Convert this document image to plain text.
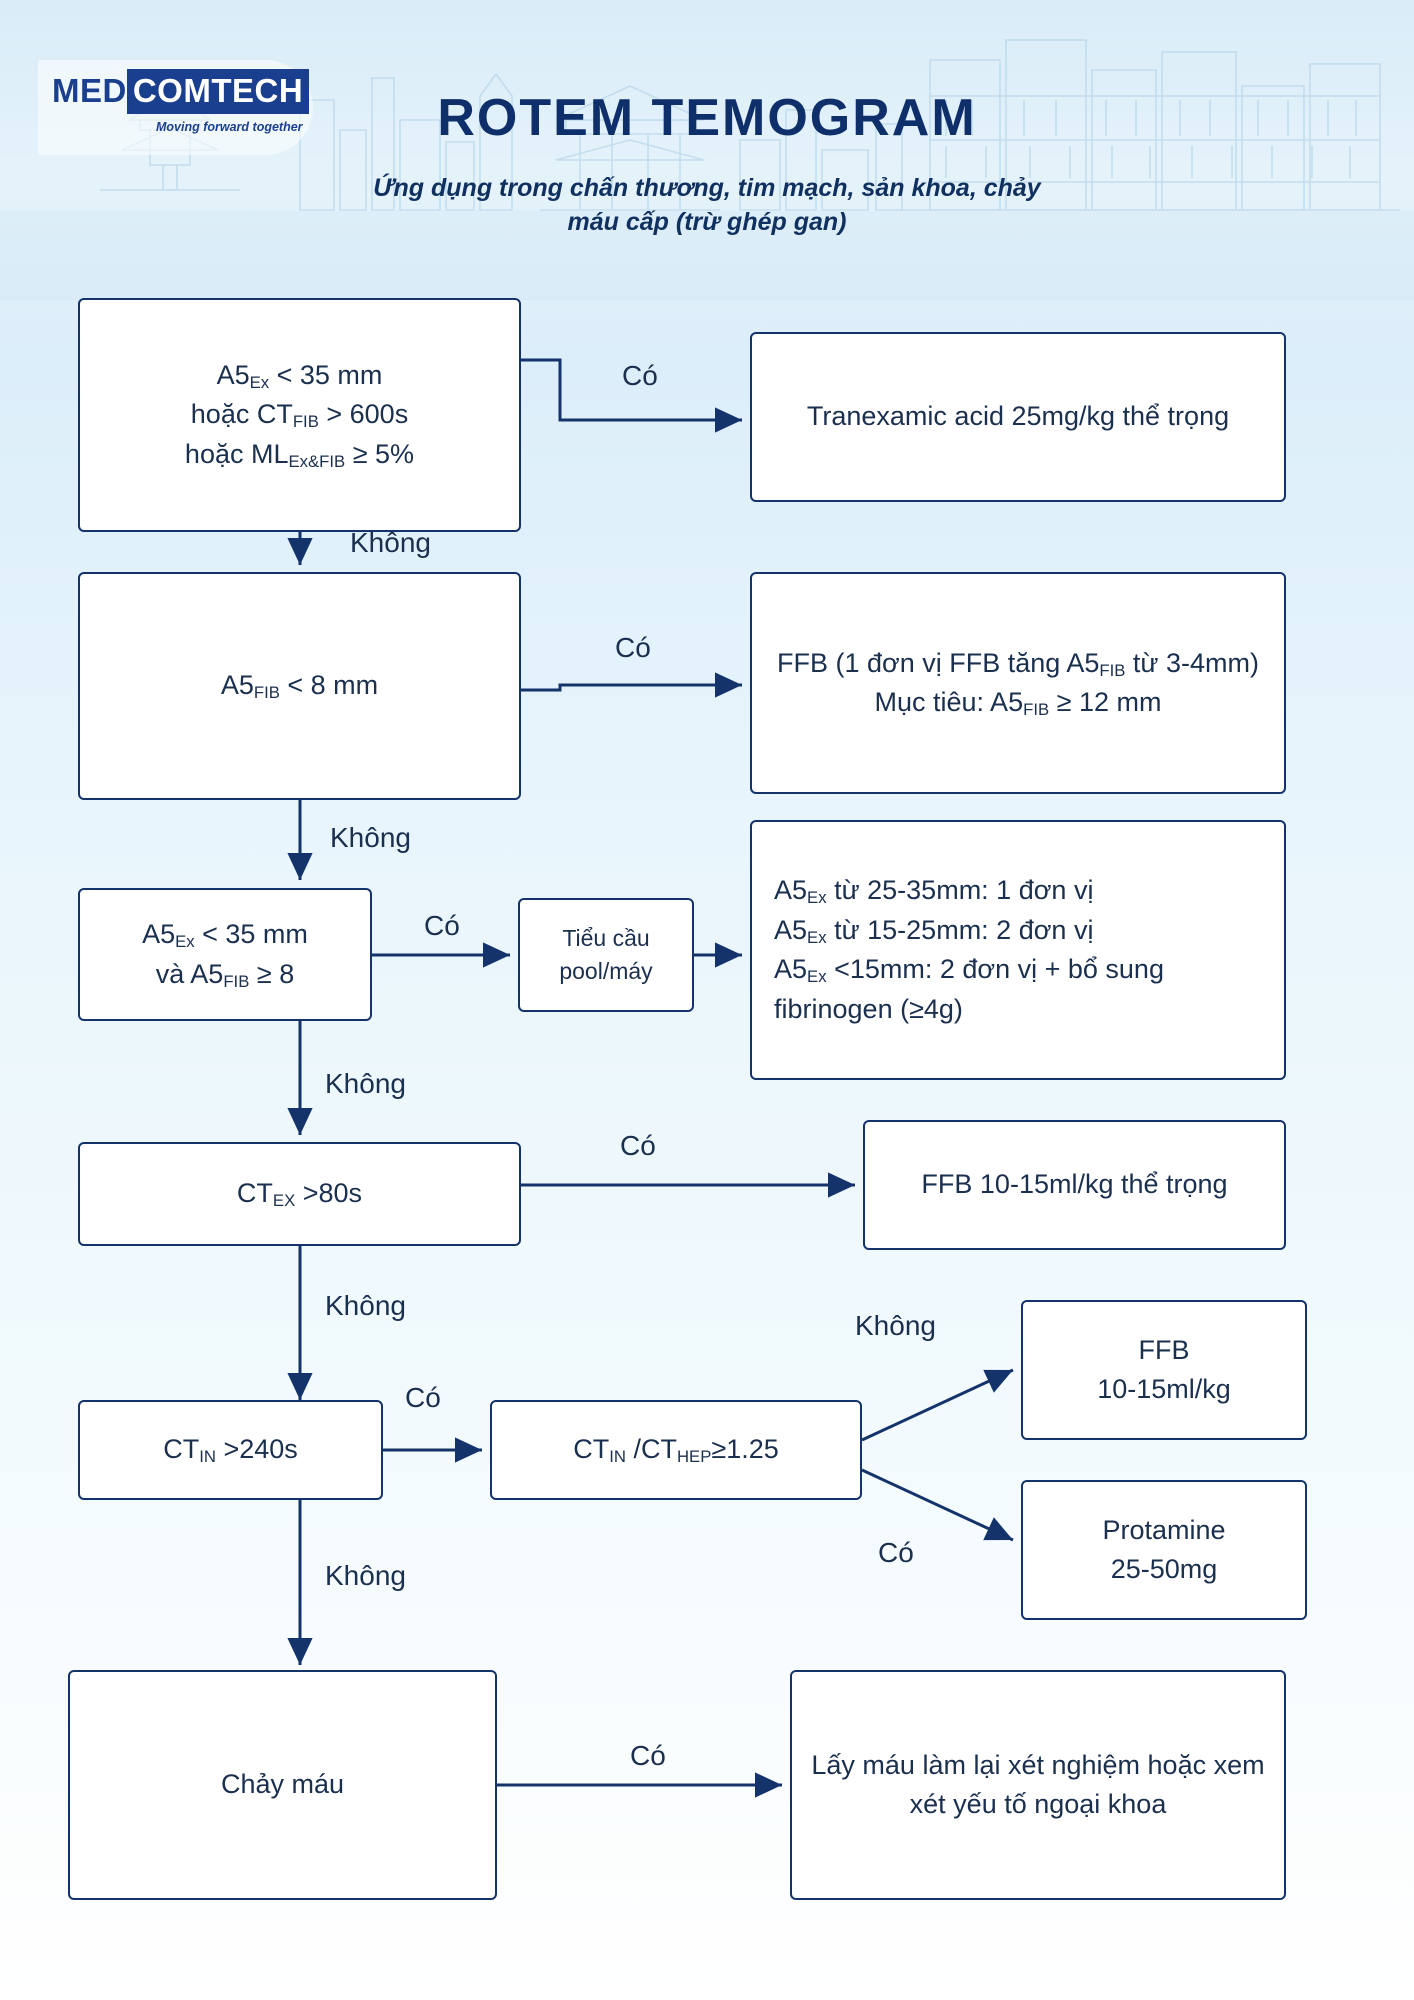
MED COMTECH
Moving forward together	ROTEM TEMOGRAM
Ứng dụng trong chấn thương, tim mạch, sản khoa, chảy máu cấp (trừ ghép gan)
$A5_{Ex} < 35$ mm
hoặc $CT_{FIB} > 600s$
hoặc $ML_{Ex\&FIB} \ge 5\%$
Tranexamic acid 25mg/kg thể trọng
$A5_{FIB} < 8$ mm
FFB (1 đơn vị FFB tăng $A5_{FIB}$ từ 3-4mm)
Mục tiêu: $A5_{FIB} \ge 12$ mm
$A5_{Ex} < 35$ mm
và $A5_{FIB} \ge 8$
Tiểu cầu pool/máy
$A5_{Ex}$ từ 25-35mm: 1 đơn vị
$A5_{Ex}$ từ 15-25mm: 2 đơn vị
$A5_{Ex} <15mm$: 2 đơn vị + bổ sung fibrinogen (≥4g)
$CT_{EX} >80s$	FFB 10-15ml/kg thể trọng
$CT_{IN} >240s$	$CT_{IN}$ $/CT_{HEP}\ge 1.25$
FFB
10-15ml/kg
Protamine
25-50mg
Chảy máu
Lấy máu làm lại xét nghiệm hoặc xem xét yếu tố ngoại khoa
Có
Không
Có
Không
Có
Không
Có
Không
Có
Không
Không
Có
Có
